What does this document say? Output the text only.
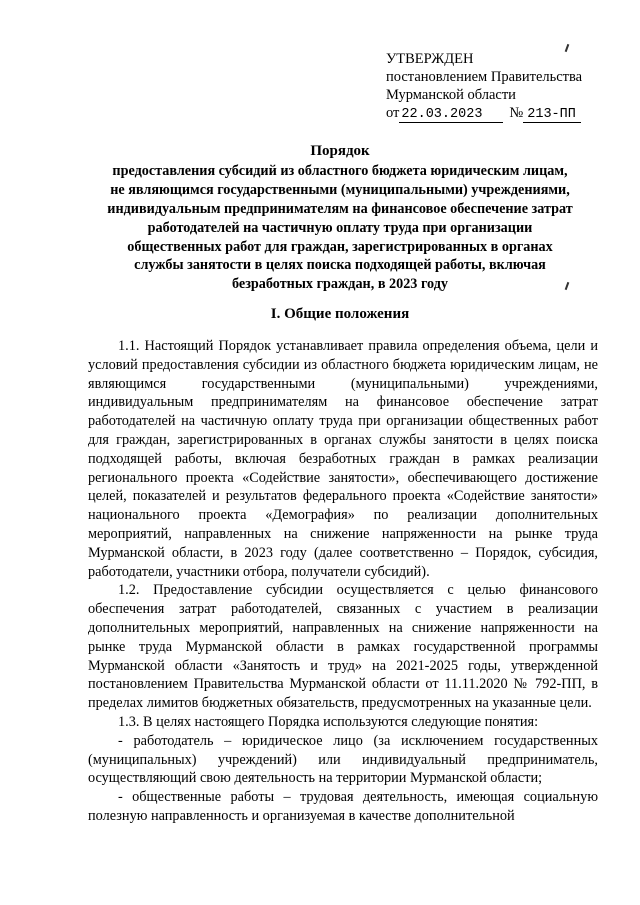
УТВЕРЖДЕН
постановлением Правительства
Мурманской области
от 22.03.2023	№ 213-ПП
Порядок
предоставления субсидий из областного бюджета юридическим лицам,
не являющимся государственными (муниципальными) учреждениями,
индивидуальным предпринимателям на финансовое обеспечение затрат
работодателей на частичную оплату труда при организации
общественных работ для граждан, зарегистрированных в органах
службы занятости в целях поиска подходящей работы, включая
безработных граждан, в 2023 году
I. Общие положения

1.1. Настоящий Порядок устанавливает правила определения объема, цели и условий предоставления субсидии из областного бюджета юридическим лицам, не являющимся государственными (муниципальными) учреждениями, индивидуальным предпринимателям на финансовое обеспечение затрат работодателей на частичную оплату труда при организации общественных работ для граждан, зарегистрированных в органах службы занятости в целях поиска подходящей работы, включая безработных граждан в рамках реализации регионального проекта «Содействие занятости», обеспечивающего достижение целей, показателей и результатов федерального проекта «Содействие занятости» национального проекта «Демография» по реализации дополнительных мероприятий, направленных на снижение напряженности на рынке труда Мурманской области, в 2023 году (далее соответственно – Порядок, субсидия, работодатели, участники отбора, получатели субсидий).

1.2. Предоставление субсидии осуществляется с целью финансового обеспечения затрат работодателей, связанных с участием в реализации дополнительных мероприятий, направленных на снижение напряженности на рынке труда Мурманской области в рамках государственной программы Мурманской области «Занятость и труд» на 2021-2025 годы, утвержденной постановлением Правительства Мурманской области от 11.11.2020 № 792-ПП, в пределах лимитов бюджетных обязательств, предусмотренных на указанные цели.

1.3. В целях настоящего Порядка используются следующие понятия:

- работодатель – юридическое лицо (за исключением государственных (муниципальных) учреждений) или индивидуальный предприниматель, осуществляющий свою деятельность на территории Мурманской области;

- общественные работы – трудовая деятельность, имеющая социальную полезную направленность и организуемая в качестве дополнительной
